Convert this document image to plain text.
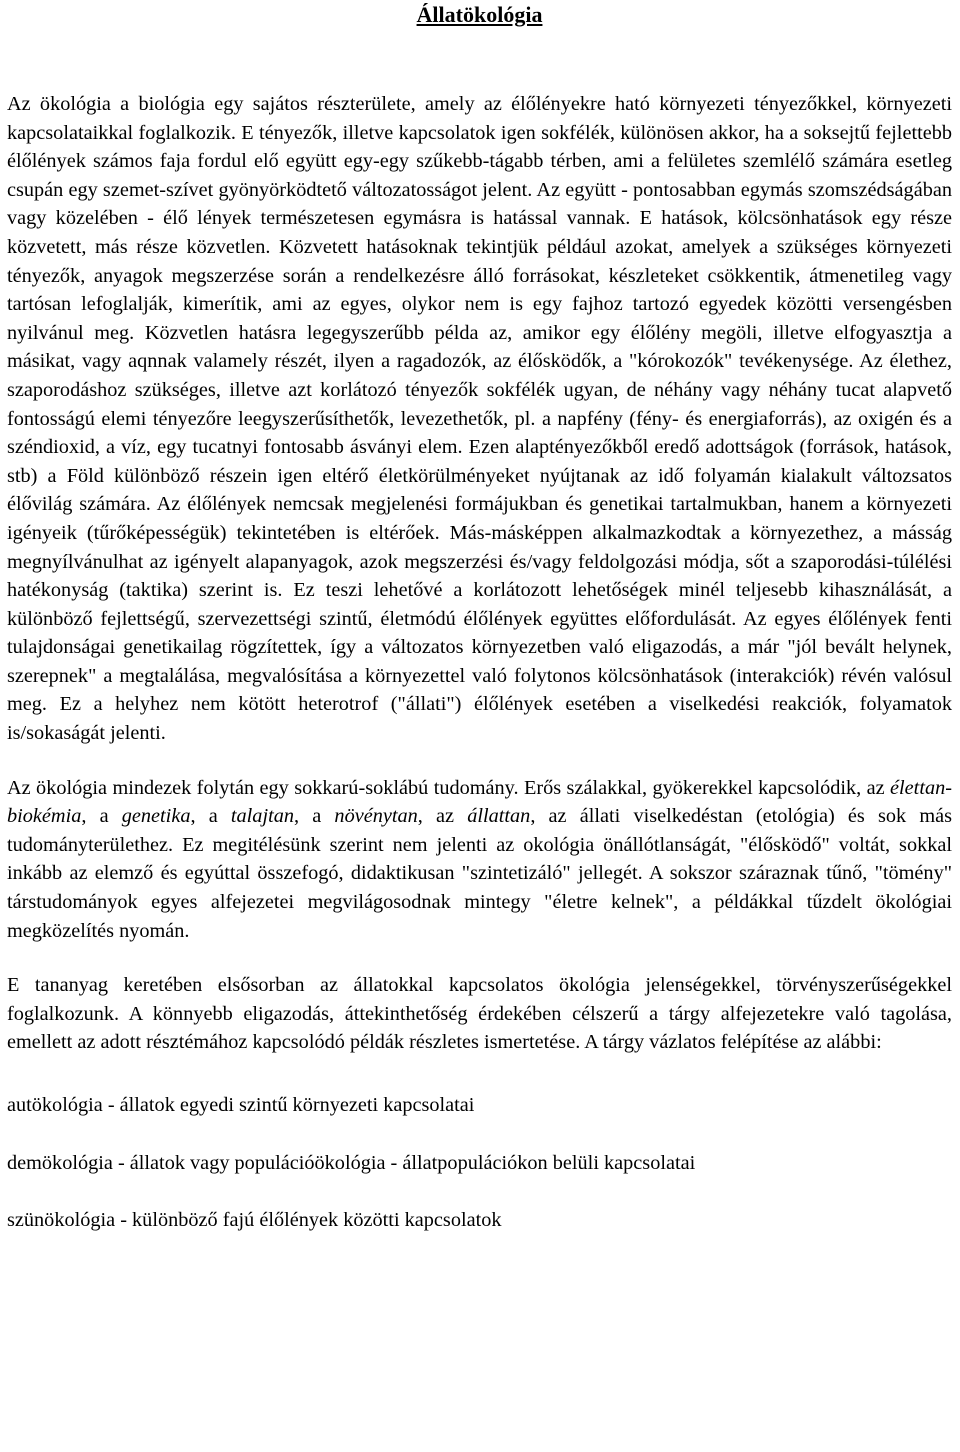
Állatökológia

Az ökológia a biológia egy sajátos részterülete, amely az élőlényekre ható környezeti tényezőkkel, környezeti kapcsolataikkal foglalkozik. E tényezők, illetve kapcsolatok igen sokfélék, különösen akkor, ha a soksejtű fejlettebb élőlények számos faja fordul elő együtt egy-egy szűkebb-tágabb térben, ami a felületes szemlélő számára esetleg csupán egy szemet-szívet gyönyörködtető változatosságot jelent. Az együtt - pontosabban egymás szomszédságában vagy közelében - élő lények természetesen egymásra is hatással vannak. E hatások, kölcsönhatások egy része közvetett, más része közvetlen. Közvetett hatásoknak tekintjük például azokat, amelyek a szükséges környezeti tényezők, anyagok megszerzése során a rendelkezésre álló forrásokat, készleteket csökkentik, átmenetileg vagy tartósan lefoglalják, kimerítik, ami az egyes, olykor nem is egy fajhoz tartozó egyedek közötti versengésben nyilvánul meg. Közvetlen hatásra legegyszerűbb példa az, amikor egy élőlény megöli, illetve elfogyasztja a másikat, vagy aqnnak valamely részét, ilyen a ragadozók, az élősködők, a "kórokozók" tevékenysége. Az élethez, szaporodáshoz szükséges, illetve azt korlátozó tényezők sokfélék ugyan, de néhány vagy néhány tucat alapvető fontosságú elemi tényezőre leegyszerűsíthetők, levezethetők, pl. a napfény (fény- és energiaforrás), az oxigén és a széndioxid, a víz, egy tucatnyi fontosabb ásványi elem. Ezen alaptényezőkből eredő adottságok (források, hatások, stb) a Föld különböző részein igen eltérő életkörülményeket nyújtanak az idő folyamán kialakult változsatos élővilág számára. Az élőlények nemcsak megjelenési formájukban és genetikai tartalmukban, hanem a környezeti igényeik (tűrőképességük) tekintetében is eltérőek. Más-másképpen alkalmazkodtak a környezethez, a másság megnyílvánulhat az igényelt alapanyagok, azok megszerzési és/vagy feldolgozási módja, sőt a szaporodási-túlélési hatékonyság (taktika) szerint is. Ez teszi lehetővé a korlátozott lehetőségek minél teljesebb kihasználását, a különböző fejlettségű, szervezettségi szintű, életmódú élőlények együttes előfordulását. Az egyes élőlények fenti tulajdonságai genetikailag rögzítettek, így a változatos környezetben való eligazodás, a már "jól bevált helynek, szerepnek" a megtalálása, megvalósítása a környezettel való folytonos kölcsönhatások (interakciók) révén valósul meg. Ez a helyhez nem kötött heterotrof ("állati") élőlények esetében a viselkedési reakciók, folyamatok is/sokaságát jelenti.

Az ökológia mindezek folytán egy sokkarú-soklábú tudomány. Erős szálakkal, gyökerekkel kapcsolódik, az élettan-biokémia, a genetika, a talajtan, a növénytan, az állattan, az állati viselkedéstan (etológia) és sok más tudományterülethez. Ez megitélésünk szerint nem jelenti az okológia önállótlanságát, "élősködő" voltát, sokkal inkább az elemző és egyúttal összefogó, didaktikusan "szintetizáló" jellegét. A sokszor száraznak tűnő, "tömény" társtudományok egyes alfejezetei megvilágosodnak mintegy "életre kelnek", a példákkal tűzdelt ökológiai megközelítés nyomán.

E tananyag keretében elsősorban az állatokkal kapcsolatos ökológia jelenségekkel, törvényszerűségekkel foglalkozunk. A könnyebb eligazodás, áttekinthetőség érdekében célszerű a tárgy alfejezetekre való tagolása, emellett az adott résztémához kapcsolódó példák részletes ismertetése. A tárgy vázlatos felépítése az alábbi:

autökológia - állatok egyedi szintű környezeti kapcsolatai

demökológia - állatok vagy populációökológia - állatpopulációkon belüli kapcsolatai

szünökológia - különböző fajú élőlények közötti kapcsolatok
